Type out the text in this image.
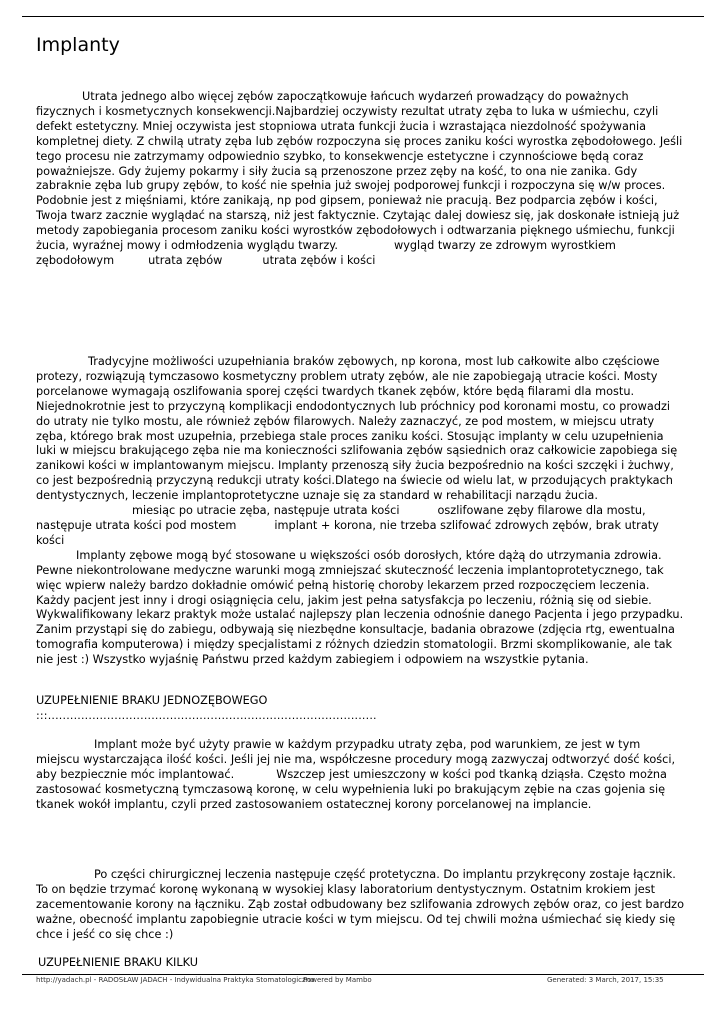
Implanty

Utrata jednego albo więcej zębów zapoczątkowuje łańcuch wydarzeń prowadzący do poważnych fizycznych i kosmetycznych konsekwencji.Najbardziej oczywisty rezultat utraty zęba to luka w uśmiechu, czyli defekt estetyczny. Mniej oczywista jest stopniowa utrata funkcji żucia i wzrastająca niezdolność spożywania kompletnej diety. Z chwilą utraty zęba lub zębów rozpoczyna się proces zaniku kości wyrostka zębodołowego. Jeśli tego procesu nie zatrzymamy odpowiednio szybko, to konsekwencje estetyczne i czynnościowe będą coraz poważniejsze. Gdy żujemy pokarmy i siły żucia są przenoszone przez zęby na kość, to ona nie zanika. Gdy zabraknie zęba lub grupy zębów, to kość nie spełnia już swojej podporowej funkcji i rozpoczyna się w/w proces. Podobnie jest z mięśniami, które zanikają, np pod gipsem, ponieważ nie pracują. Bez podparcia zębów i kości, Twoja twarz zacznie wyglądać na starszą, niż jest faktycznie. Czytając dalej dowiesz się, jak doskonałe istnieją już metody zapobiegania procesom zaniku kości wyrostków zębodołowych i odtwarzania pięknego uśmiechu, funkcji żucia, wyraźnej mowy i odmłodzenia wyglądu twarzy.	wygląd twarzy ze zdrowym wyrostkiem zębodołowym	utrata zębów	utrata zębów i kości

Tradycyjne możliwości uzupełniania braków zębowych, np korona, most lub całkowite albo częściowe protezy, rozwiązują tymczasowo kosmetyczny problem utraty zębów, ale nie zapobiegają utracie kości. Mosty porcelanowe wymagają oszlifowania sporej części twardych tkanek zębów, które będą filarami dla mostu. Niejednokrotnie jest to przyczyną komplikacji endodontycznych lub próchnicy pod koronami mostu, co prowadzi do utraty nie tylko mostu, ale również zębów filarowych. Należy zaznaczyć, ze pod mostem, w miejscu utraty zęba, którego brak most uzupełnia, przebiega stale proces zaniku kości. Stosując implanty w celu uzupełnienia luki w miejscu brakującego zęba nie ma konieczności szlifowania zębów sąsiednich oraz całkowicie zapobiega się zanikowi kości w implantowanym miejscu. Implanty przenoszą siły żucia bezpośrednio na kości szczęki i żuchwy, co jest bezpośrednią przyczyną redukcji utraty kości.Dlatego na świecie od wielu lat, w przodujących praktykach dentystycznych, leczenie implantoprotetyczne uznaje się za standard w rehabilitacji narządu żucia.miesiąc po utracie zęba, następuje utrata kości	oszlifowane zęby filarowe dla mostu, następuje utrata kości pod mostem	implant + korona, nie trzeba szlifować zdrowych zębów, brak utraty kości

Implanty zębowe mogą być stosowane u większości osób dorosłych, które dążą do utrzymania zdrowia. Pewne niekontrolowane medyczne warunki mogą zmniejszać skuteczność leczenia implantoprotetycznego, tak więc wpierw należy bardzo dokładnie omówić pełną historię choroby lekarzem przed rozpoczęciem leczenia. Każdy pacjent jest inny i drogi osiągnięcia celu, jakim jest pełna satysfakcja po leczeniu, różnią się od siebie. Wykwalifikowany lekarz praktyk może ustalać najlepszy plan leczenia odnośnie danego Pacjenta i jego przypadku. Zanim przystąpi się do zabiegu, odbywają się niezbędne konsultacje, badania obrazowe (zdjęcia rtg, ewentualna tomografia komputerowa) i między specjalistami z różnych dziedzin stomatologii. Brzmi skomplikowanie, ale tak nie jest :) Wszystko wyjaśnię Państwu przed każdym zabiegiem i odpowiem na wszystkie pytania.

UZUPEŁNIENIE BRAKU JEDNOZĘBOWEGO
:::.........................................................................................

Implant może być użyty prawie w każdym przypadku utraty zęba, pod warunkiem, ze jest w tym miejscu wystarczająca ilość kości. Jeśli jej nie ma, współczesne procedury mogą zazwyczaj odtworzyć dość kości, aby bezpiecznie móc implantować.	Wszczep jest umieszczony w kości pod tkanką dziąsła. Często można zastosować kosmetyczną tymczasową koronę, w celu wypełnienia luki po brakującym zębie na czas gojenia się tkanek wokół implantu, czyli przed zastosowaniem ostatecznej korony porcelanowej na implancie.

Po części chirurgicznej leczenia następuje część protetyczna. Do implantu przykręcony zostaje łącznik. To on będzie trzymać koronę wykonaną w wysokiej klasy laboratorium dentystycznym. Ostatnim krokiem jest zacementowanie korony na łączniku. Ząb został odbudowany bez szlifowania zdrowych zębów oraz, co jest bardzo ważne, obecność implantu zapobiegnie utracie kości w tym miejscu. Od tej chwili można uśmiechać się kiedy się chce i jeść co się chce :)

UZUPEŁNIENIE BRAKU KILKU
http://yadach.pl - RADOSŁAW JADACH - Indywidualna Praktyka Stomatologiczna
Powered by Mambo	Generated: 3 March, 2017, 15:35
